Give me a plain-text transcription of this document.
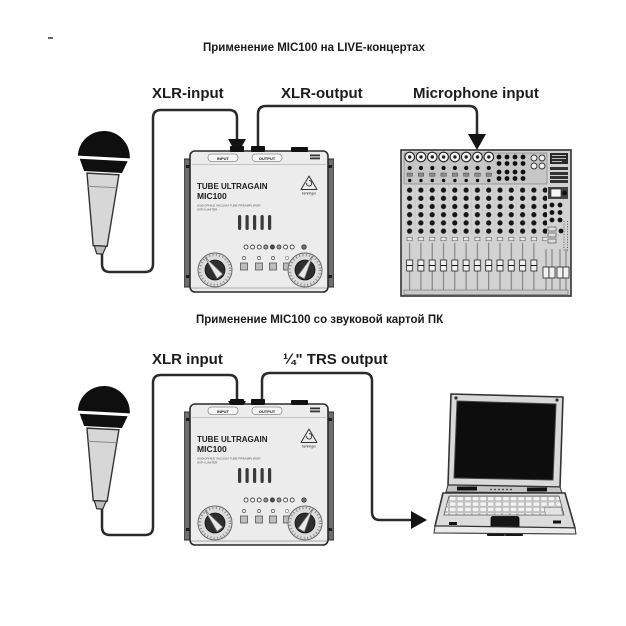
Применение MIC100 на LIVE-концертах
XLR-input	XLR-output	Microphone input
Применение MIC100 со звуковой картой ПК
XLR input	¼" TRS output
INPUT	OUTPUT
TUBE ULTRAGAIN
MIC100
AUDIOPHILE VACUUM TUBE PREAMPLIFIER
WITH LIMITER
behringer
INPUT	OUTPUT
TUBE ULTRAGAIN
MIC100
AUDIOPHILE VACUUM TUBE PREAMPLIFIER
WITH LIMITER
behringer
